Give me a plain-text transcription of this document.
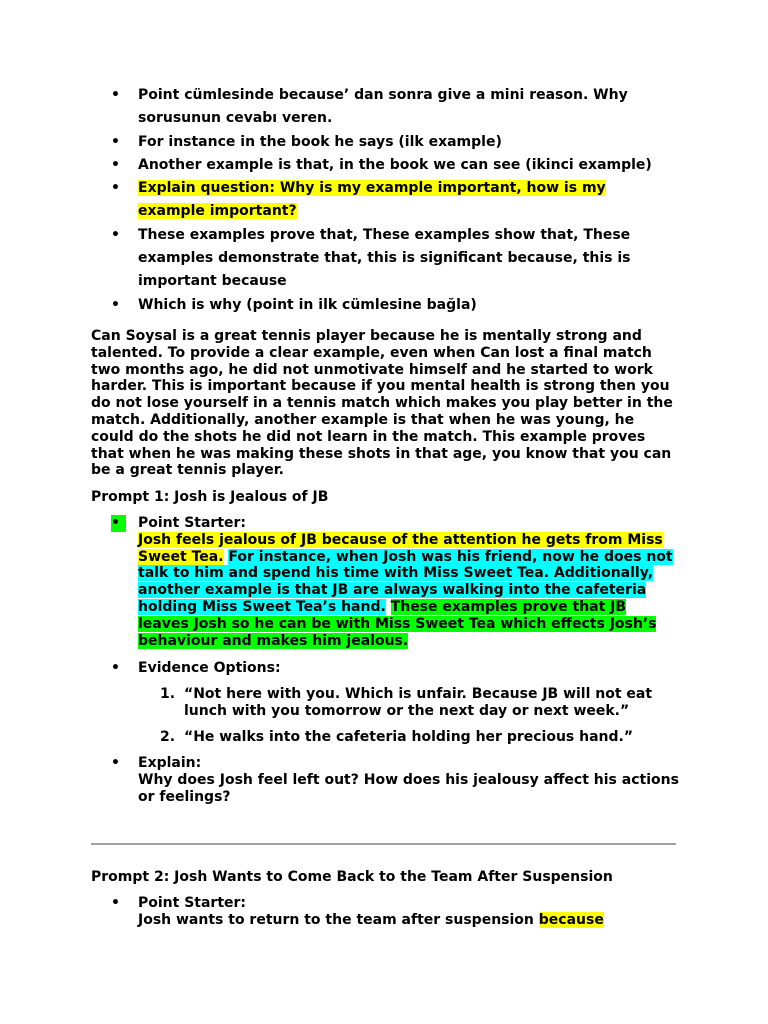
• Point cümlesinde because’ dan sonra give a mini reason. Why sorusunun cevabı veren.
• For instance in the book he says (ilk example)
• Another example is that, in the book we can see (ikinci example)
• Explain question: Why is my example important, how is my example important?
• These examples prove that, These examples show that, These examples demonstrate that, this is significant because, this is important because
• Which is why (point in ilk cümlesine bağla)

Can Soysal is a great tennis player because he is mentally strong and talented. To provide a clear example, even when Can lost a final match two months ago, he did not unmotivate himself and he started to work harder. This is important because if you mental health is strong then you do not lose yourself in a tennis match which makes you play better in the match. Additionally, another example is that when he was young, he could do the shots he did not learn in the match. This example proves that when he was making these shots in that age, you know that you can be a great tennis player.

Prompt 1: Josh is Jealous of JB

•	Point Starter:
Josh feels jealous of JB because of the attention he gets from Miss Sweet Tea. For instance, when Josh was his friend, now he does not talk to him and spend his time with Miss Sweet Tea. Additionally, another example is that JB are always walking into the cafeteria holding Miss Sweet Tea’s hand. These examples prove that JB leaves Josh so he can be with Miss Sweet Tea which effects Josh’s behaviour and makes him jealous.
• Evidence Options:
1. “Not here with you. Which is unfair. Because JB will not eat lunch with you tomorrow or the next day or next week.”
2. “He walks into the cafeteria holding her precious hand.”
• Explain:
Why does Josh feel left out? How does his jealousy affect his actions or feelings?

Prompt 2: Josh Wants to Come Back to the Team After Suspension

• Point Starter:
Josh wants to return to the team after suspension because
